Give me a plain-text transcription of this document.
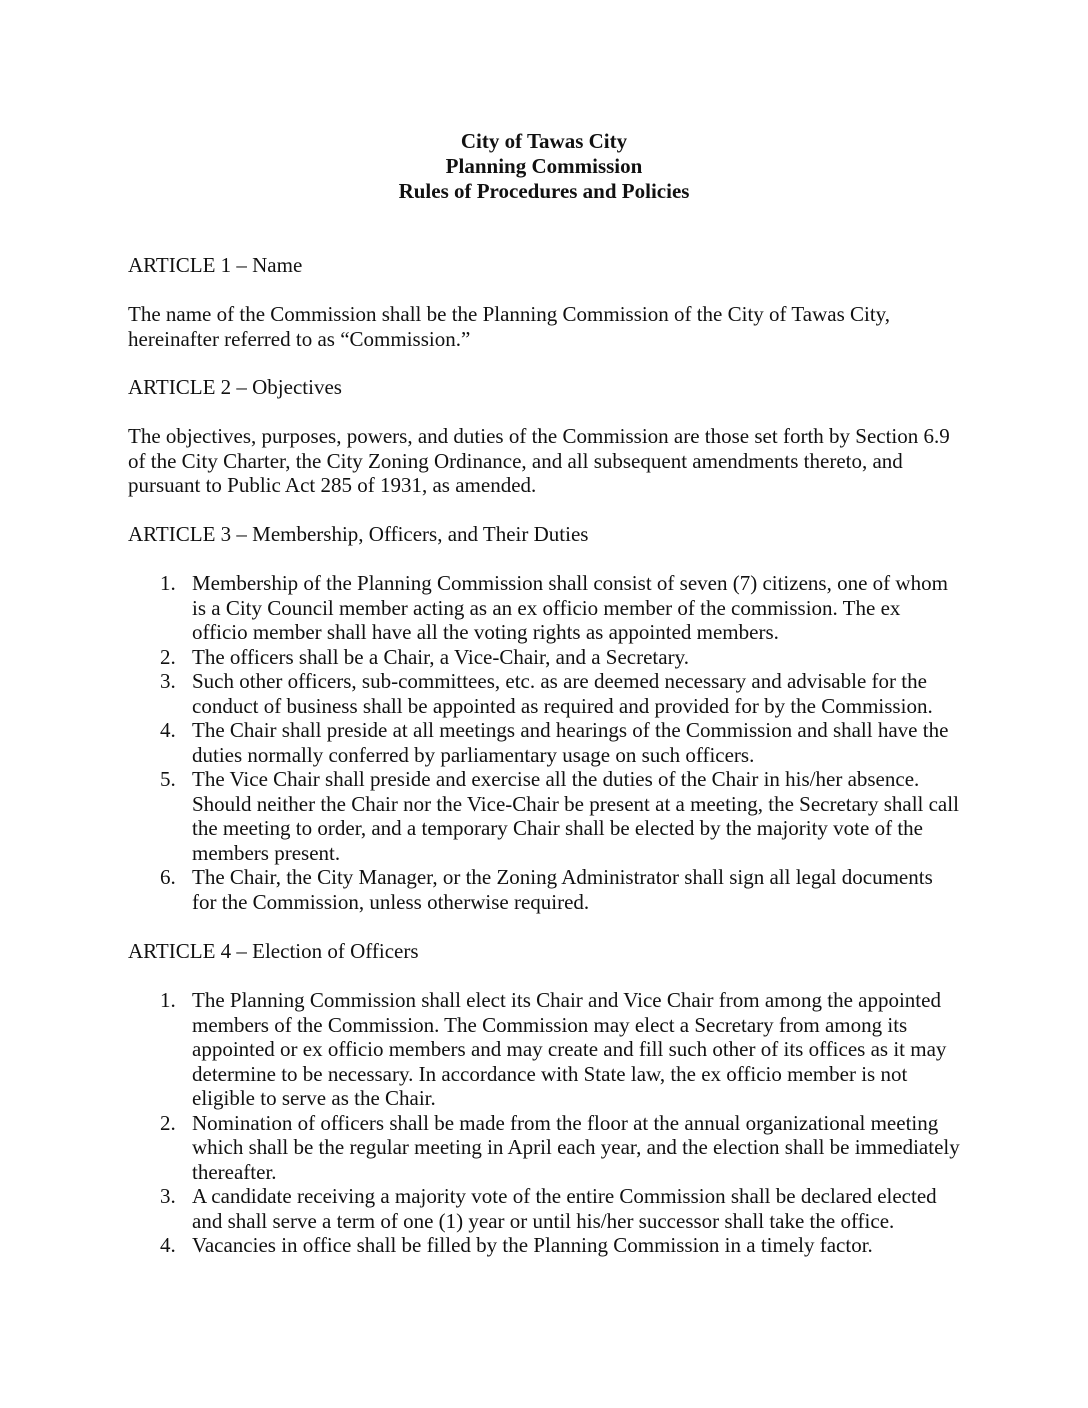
City of Tawas City
Planning Commission
Rules of Procedures and Policies
ARTICLE 1 – Name
The name of the Commission shall be the Planning Commission of the City of Tawas City,
hereinafter referred to as “Commission.”
ARTICLE 2 – Objectives
The objectives, purposes, powers, and duties of the Commission are those set forth by Section 6.9
of the City Charter, the City Zoning Ordinance, and all subsequent amendments thereto, and
pursuant to Public Act 285 of 1931, as amended.
ARTICLE 3 – Membership, Officers, and Their Duties
1. Membership of the Planning Commission shall consist of seven (7) citizens, one of whom
is a City Council member acting as an ex officio member of the commission. The ex
officio member shall have all the voting rights as appointed members.
2. The officers shall be a Chair, a Vice-Chair, and a Secretary.
3. Such other officers, sub-committees, etc. as are deemed necessary and advisable for the
conduct of business shall be appointed as required and provided for by the Commission.
4. The Chair shall preside at all meetings and hearings of the Commission and shall have the
duties normally conferred by parliamentary usage on such officers.
5. The Vice Chair shall preside and exercise all the duties of the Chair in his/her absence.
Should neither the Chair nor the Vice-Chair be present at a meeting, the Secretary shall call
the meeting to order, and a temporary Chair shall be elected by the majority vote of the
members present.
6. The Chair, the City Manager, or the Zoning Administrator shall sign all legal documents
for the Commission, unless otherwise required.
ARTICLE 4 – Election of Officers
1. The Planning Commission shall elect its Chair and Vice Chair from among the appointed
members of the Commission. The Commission may elect a Secretary from among its
appointed or ex officio members and may create and fill such other of its offices as it may
determine to be necessary. In accordance with State law, the ex officio member is not
eligible to serve as the Chair.
2. Nomination of officers shall be made from the floor at the annual organizational meeting
which shall be the regular meeting in April each year, and the election shall be immediately
thereafter.
3. A candidate receiving a majority vote of the entire Commission shall be declared elected
and shall serve a term of one (1) year or until his/her successor shall take the office.
4. Vacancies in office shall be filled by the Planning Commission in a timely factor.
